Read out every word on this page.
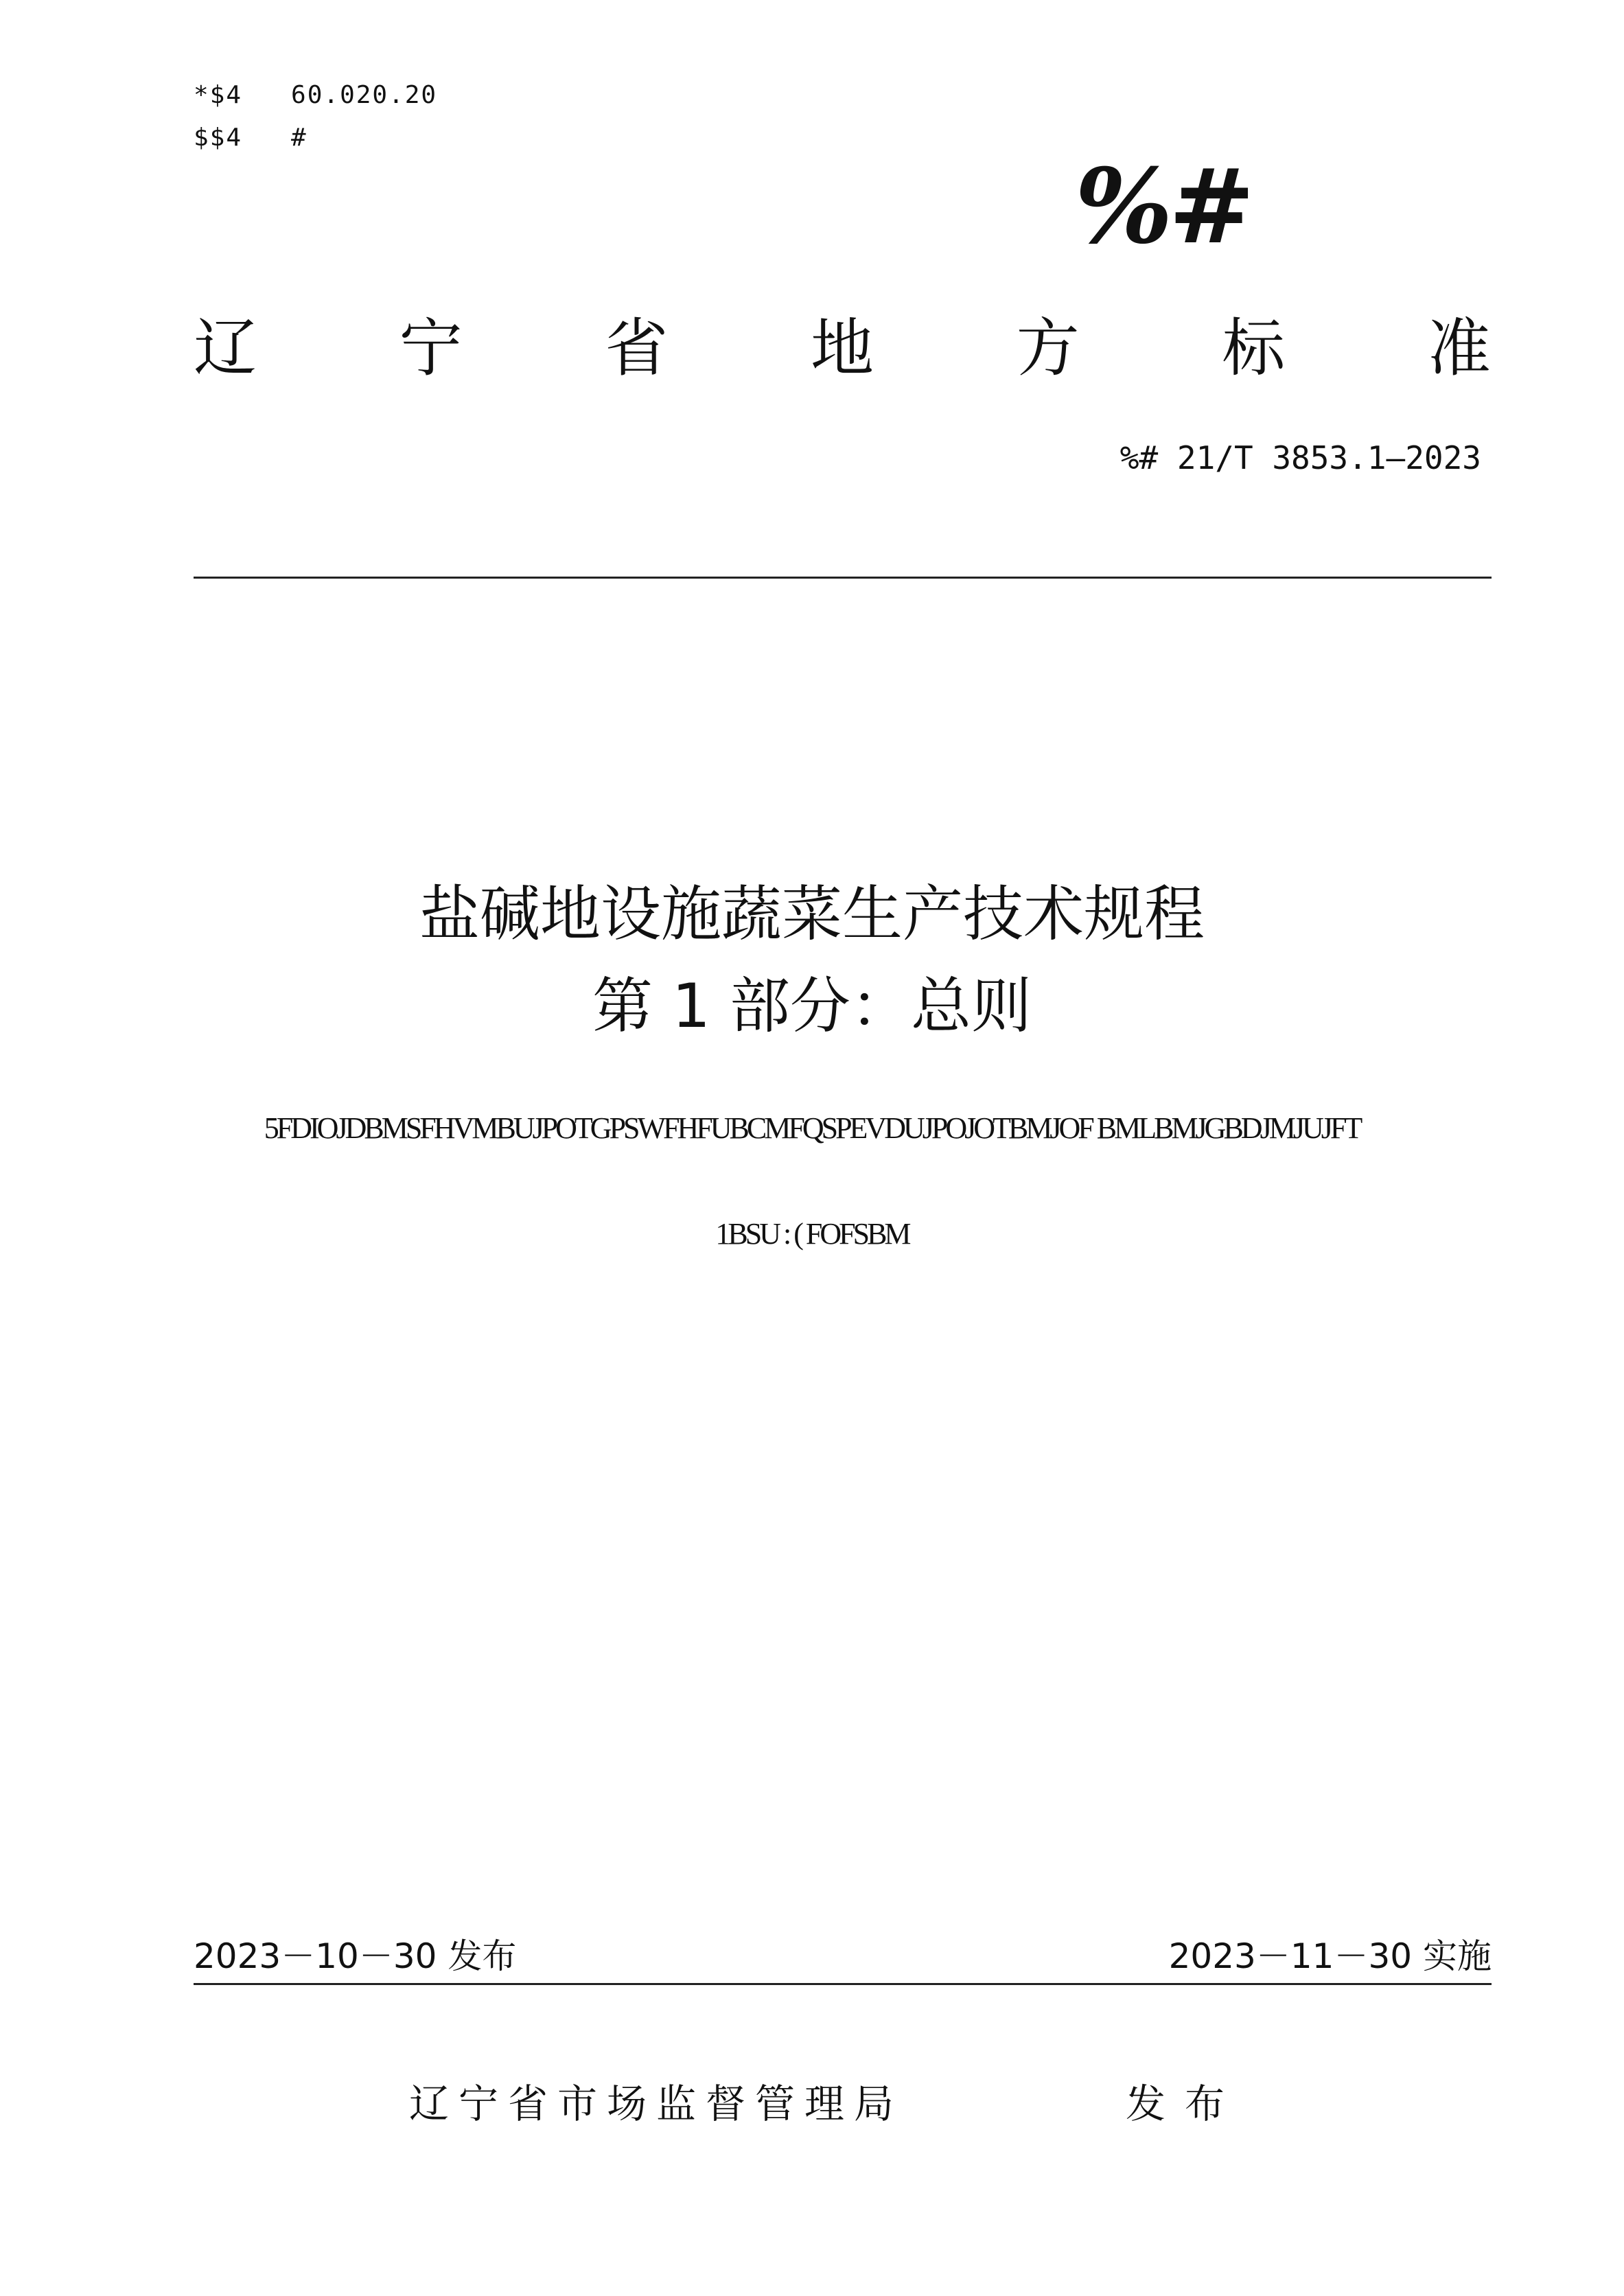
*$4   60.020.20
$$4   #
%#
辽 宁 省 地 方 标 准
%# 21/T 3853.1—2023
盐碱地设施蔬菜生产技术规程
第 1 部分：总则
5FDIOJDBMSFHVMBUJPOTGPSWFHFUBCMFQSPEVDUJPOJOTBMJOF BMLBMJGBDJMJUJFT
1BSU : ( FOFSBM
2023－10－30 发布	2023－11－30 实施
辽宁省市场监督管理局	发布
